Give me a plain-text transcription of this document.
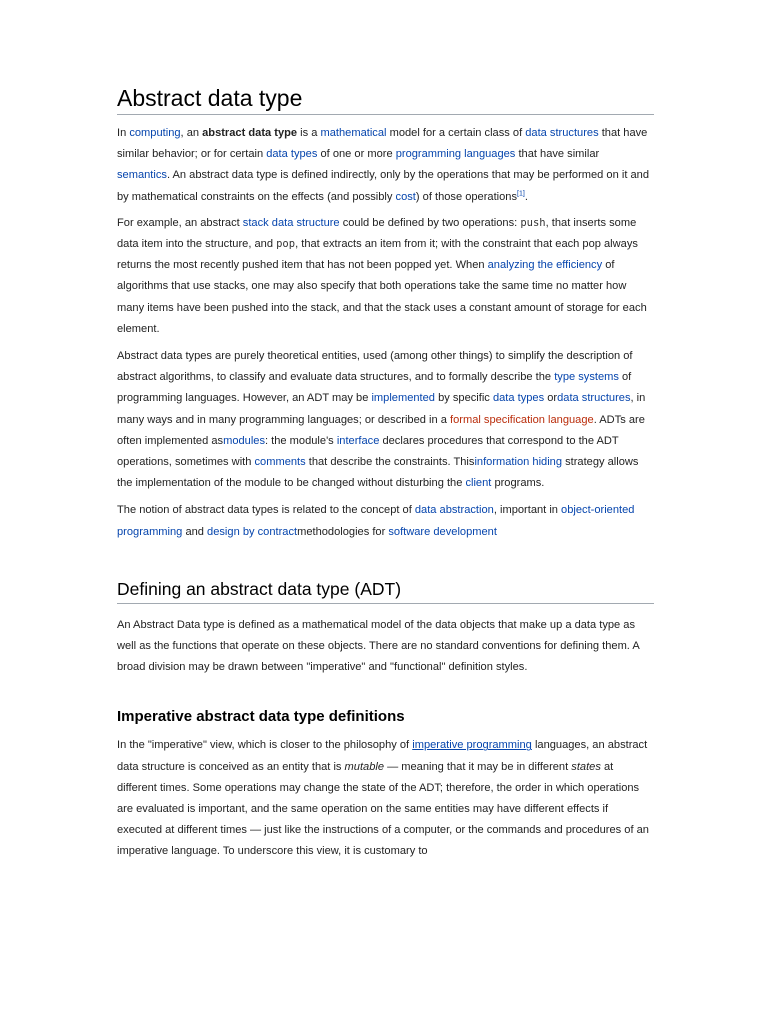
Abstract data type

In computing, an abstract data type is a mathematical model for a certain class of data structures that have similar behavior; or for certain data types of one or more programming languages that have similar semantics. An abstract data type is defined indirectly, only by the operations that may be performed on it and by mathematical constraints on the effects (and possibly cost) of those operations[1].

For example, an abstract stack data structure could be defined by two operations: push, that inserts some data item into the structure, and pop, that extracts an item from it; with the constraint that each pop always returns the most recently pushed item that has not been popped yet. When analyzing the efficiency of algorithms that use stacks, one may also specify that both operations take the same time no matter how many items have been pushed into the stack, and that the stack uses a constant amount of storage for each element.

Abstract data types are purely theoretical entities, used (among other things) to simplify the description of abstract algorithms, to classify and evaluate data structures, and to formally describe the type systems of programming languages. However, an ADT may be implemented by specific data types ordata structures, in many ways and in many programming languages; or described in a formal specification language. ADTs are often implemented asmodules: the module's interface declares procedures that correspond to the ADT operations, sometimes with comments that describe the constraints. Thisinformation hiding strategy allows the implementation of the module to be changed without disturbing the client programs.

The notion of abstract data types is related to the concept of data abstraction, important in object-oriented programming and design by contractmethodologies for software development

Defining an abstract data type (ADT)

An Abstract Data type is defined as a mathematical model of the data objects that make up a data type as well as the functions that operate on these objects. There are no standard conventions for defining them. A broad division may be drawn between "imperative" and "functional" definition styles.

Imperative abstract data type definitions

In the "imperative" view, which is closer to the philosophy of imperative programming languages, an abstract data structure is conceived as an entity that is mutable — meaning that it may be in different states at different times. Some operations may change the state of the ADT; therefore, the order in which operations are evaluated is important, and the same operation on the same entities may have different effects if executed at different times — just like the instructions of a computer, or the commands and procedures of an imperative language. To underscore this view, it is customary to
